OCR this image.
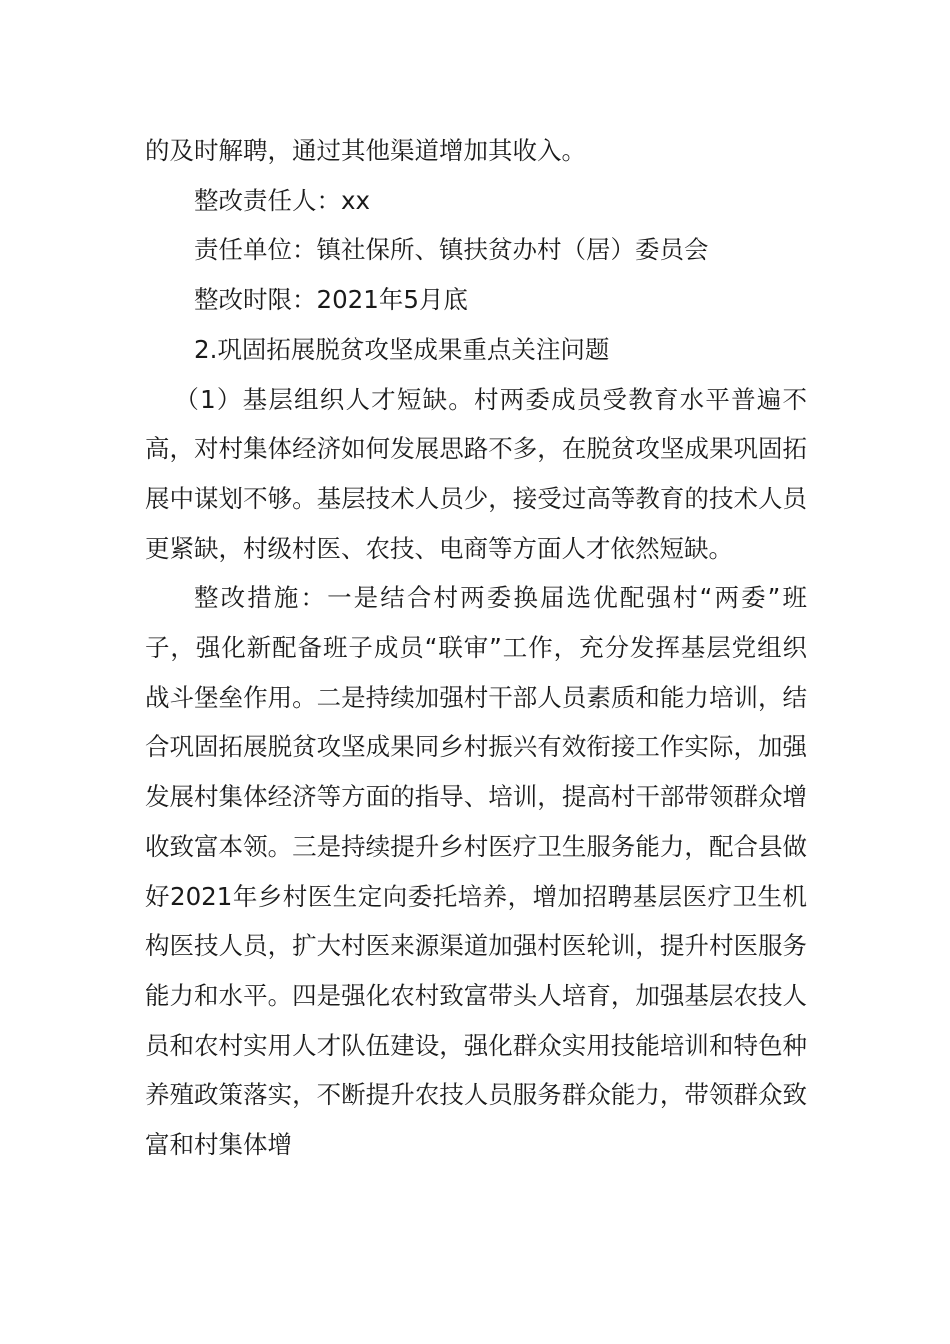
的及时解聘，通过其他渠道增加其收入。

整改责任人：xx

责任单位：镇社保所、镇扶贫办村（居）委员会

整改时限：2021年5月底

2.巩固拓展脱贫攻坚成果重点关注问题

（1）基层组织人才短缺。村两委成员受教育水平普遍不高，对村集体经济如何发展思路不多，在脱贫攻坚成果巩固拓展中谋划不够。基层技术人员少，接受过高等教育的技术人员更紧缺，村级村医、农技、电商等方面人才依然短缺。

整改措施：一是结合村两委换届选优配强村“两委”班子，强化新配备班子成员“联审”工作，充分发挥基层党组织战斗堡垒作用。二是持续加强村干部人员素质和能力培训，结合巩固拓展脱贫攻坚成果同乡村振兴有效衔接工作实际，加强发展村集体经济等方面的指导、培训，提高村干部带领群众增收致富本领。三是持续提升乡村医疗卫生服务能力，配合县做好2021年乡村医生定向委托培养，增加招聘基层医疗卫生机构医技人员，扩大村医来源渠道加强村医轮训，提升村医服务能力和水平。四是强化农村致富带头人培育，加强基层农技人员和农村实用人才队伍建设，强化群众实用技能培训和特色种养殖政策落实，不断提升农技人员服务群众能力，带领群众致富和村集体增
